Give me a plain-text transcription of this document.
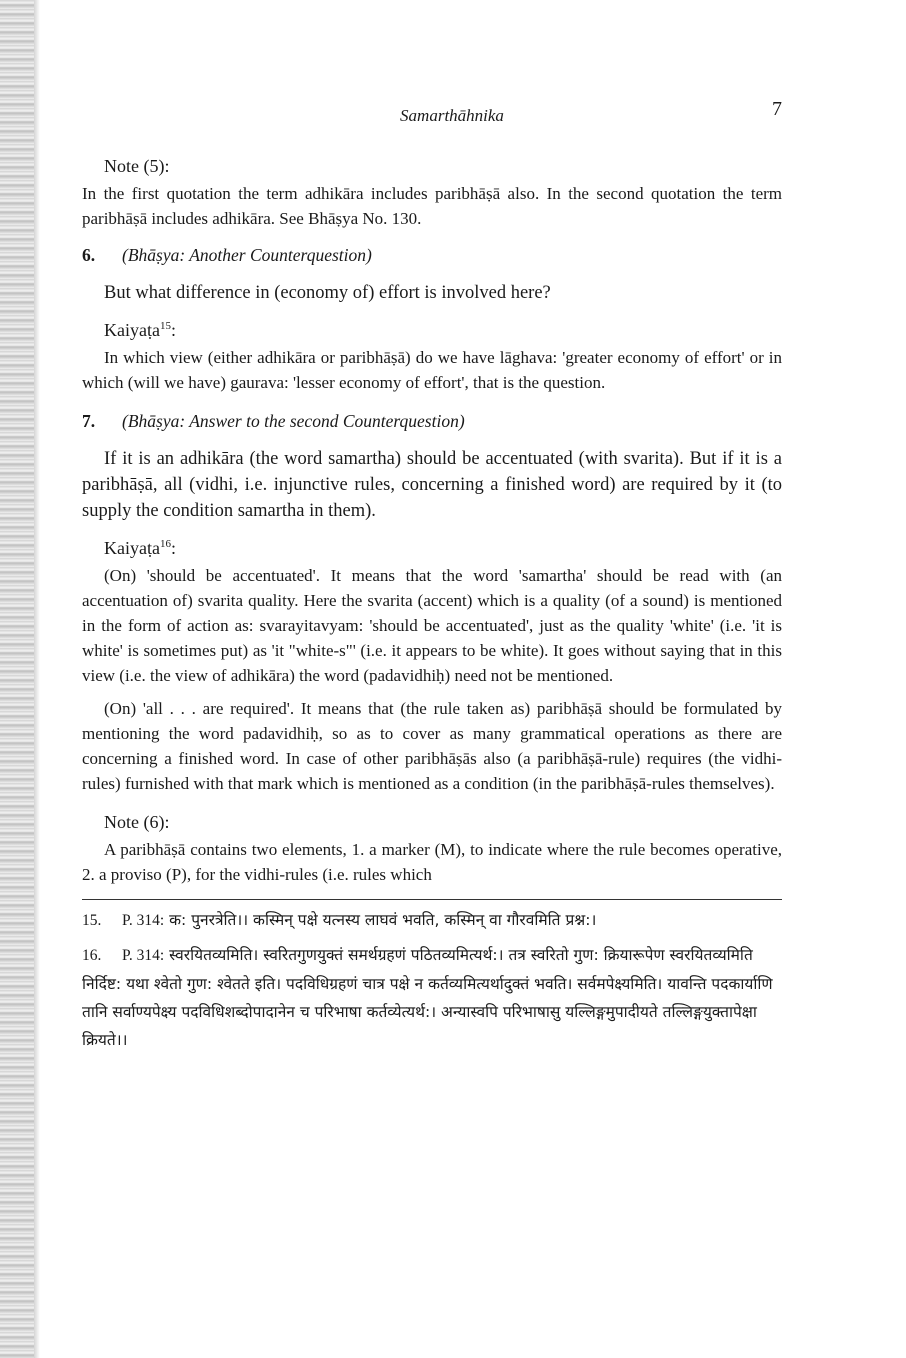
Samarthāhnika	7
Note (5):

In the first quotation the term adhikāra includes paribhāṣā also. In the second quotation the term paribhāṣā includes adhikāra. See Bhāṣya No. 130.

6. (Bhāṣya: Another Counterquestion)

But what difference in (economy of) effort is involved here?

Kaiyaṭa$^{15}$:

In which view (either adhikāra or paribhāṣā) do we have lāghava: 'greater economy of effort' or in which (will we have) gaurava: 'lesser economy of effort', that is the question.

7. (Bhāṣya: Answer to the second Counterquestion)

If it is an adhikāra (the word samartha) should be accentuated (with svarita). But if it is a paribhāṣā, all (vidhi, i.e. injunctive rules, concerning a finished word) are required by it (to supply the condition samartha in them).

Kaiyaṭa$^{16}$:

(On) 'should be accentuated'. It means that the word 'samartha' should be read with (an accentuation of) svarita quality. Here the svarita (accent) which is a quality (of a sound) is mentioned in the form of action as: svarayitavyam: 'should be accentuated', just as the quality 'white' (i.e. 'it is white' is sometimes put) as 'it "white-s"' (i.e. it appears to be white). It goes without saying that in this view (i.e. the view of adhikāra) the word (padavidhiḥ) need not be mentioned.

(On) 'all . . . are required'. It means that (the rule taken as) paribhāṣā should be formulated by mentioning the word padavidhiḥ, so as to cover as many grammatical operations as there are concerning a finished word. In case of other paribhāṣās also (a paribhāṣā-rule) requires (the vidhi-rules) furnished with that mark which is mentioned as a condition (in the paribhāṣā-rules themselves).

Note (6):

A paribhāṣā contains two elements, 1. a marker (M), to indicate where the rule becomes operative, 2. a proviso (P), for the vidhi-rules (i.e. rules which

15. P. 314: क: पुनरत्रेति।। कस्मिन् पक्षे यत्नस्य लाघवं भवति, कस्मिन् वा गौरवमिति प्रश्न:।
16. P. 314: स्वरयितव्यमिति। स्वरितगुणयुक्तं समर्थग्रहणं पठितव्यमित्यर्थ:। तत्र स्वरितो गुण: क्रियारूपेण स्वरयितव्यमिति निर्दिष्ट: यथा श्वेतो गुण: श्वेतते इति। पदविधिग्रहणं चात्र पक्षे न कर्तव्यमित्यर्थादुक्तं भवति। सर्वमपेक्ष्यमिति। यावन्ति पदकार्याणि तानि सर्वाण्यपेक्ष्य पदविधिशब्दोपादानेन च परिभाषा कर्तव्येत्यर्थ:। अन्यास्वपि परिभाषासु यल्लिङ्गमुपादीयते तल्लिङ्गयुक्तापेक्षा क्रियते।।
